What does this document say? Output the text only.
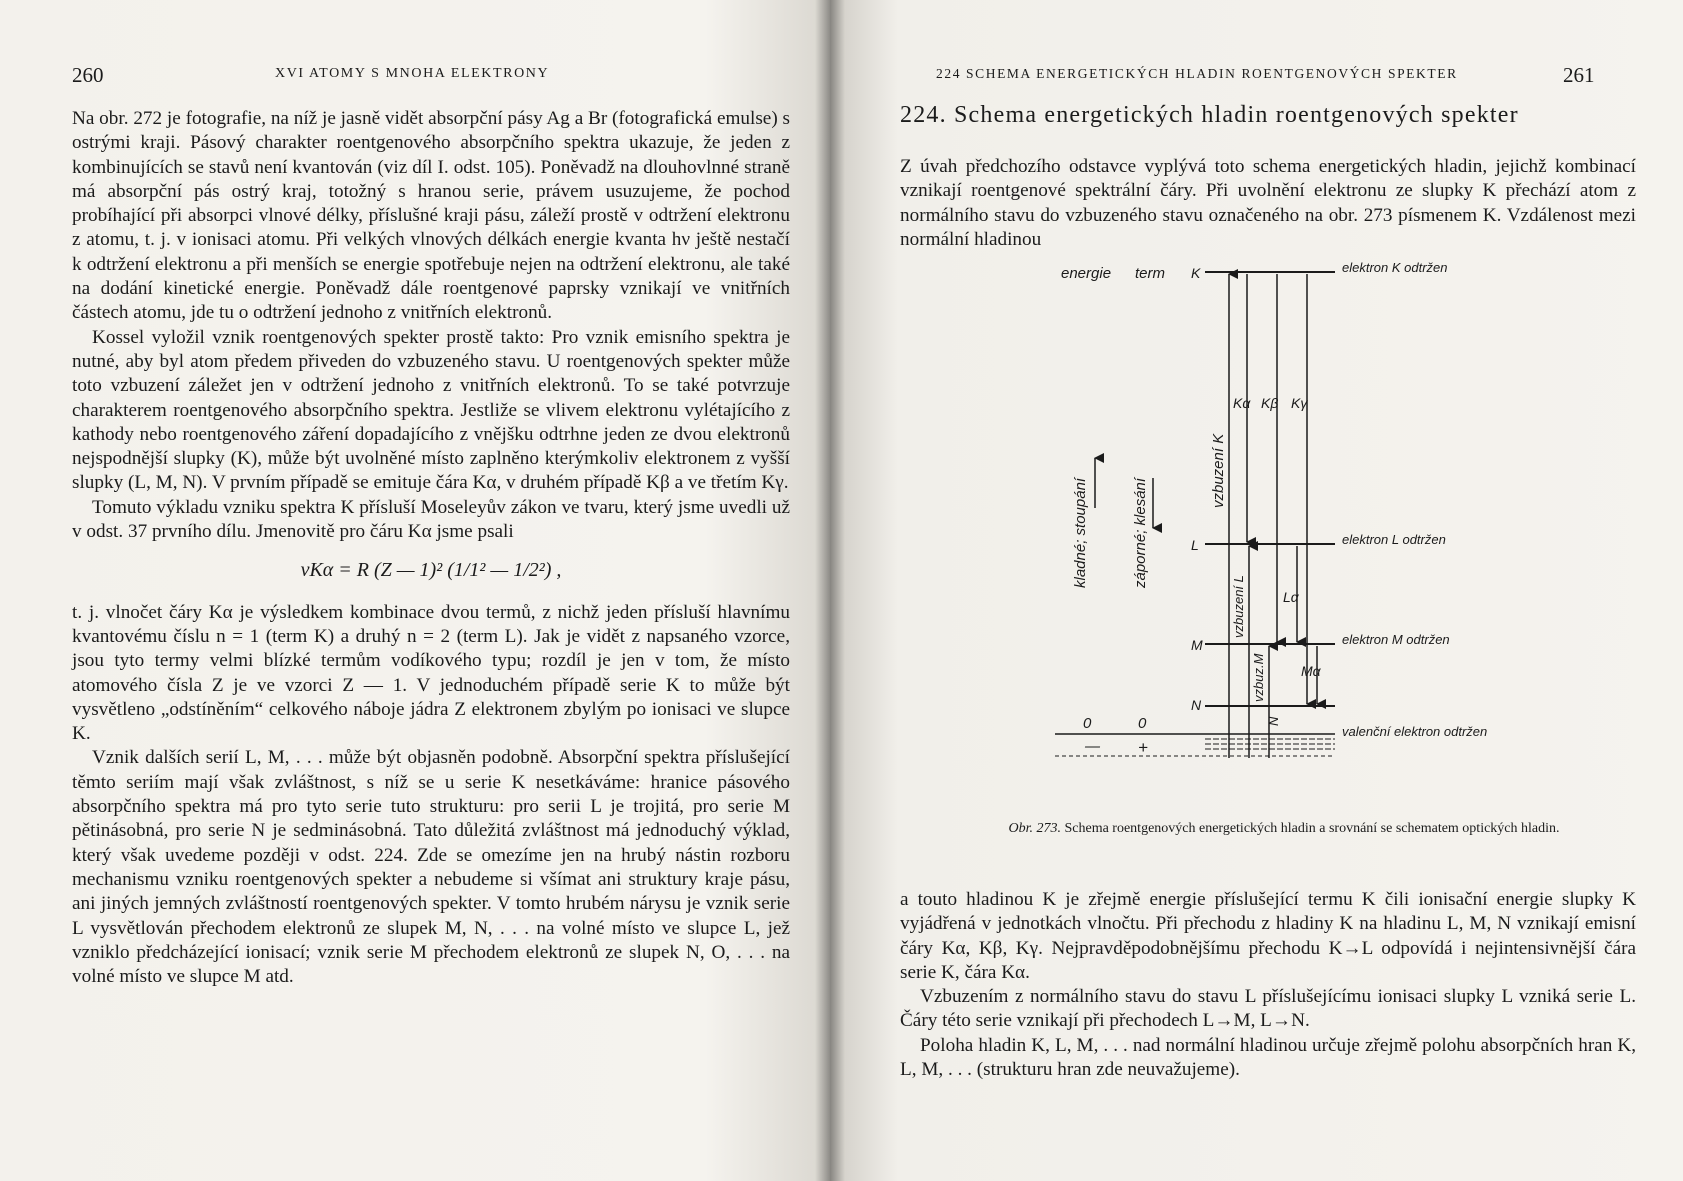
260	XVI ATOMY S MNOHA ELEKTRONY

Na obr. 272 je fotografie, na níž je jasně vidět absorpční pásy Ag a Br (fotografická emulse) s ostrými kraji. Pásový charakter roentgenového absorpčního spektra ukazuje, že jeden z kombinujících se stavů není kvantován (viz díl I. odst. 105). Poněvadž na dlouhovlnné straně má absorpční pás ostrý kraj, totožný s hranou serie, právem usuzujeme, že pochod probíhající při absorpci vlnové délky, příslušné kraji pásu, záleží prostě v odtržení elektronu z atomu, t. j. v ionisaci atomu. Při velkých vlnových délkách energie kvanta hν ještě nestačí k odtržení elektronu a při menších se energie spotřebuje nejen na odtržení elektronu, ale také na dodání kinetické energie. Poněvadž dále roentgenové paprsky vznikají ve vnitřních částech atomu, jde tu o odtržení jednoho z vnitřních elektronů.

Kossel vyložil vznik roentgenových spekter prostě takto: Pro vznik emisního spektra je nutné, aby byl atom předem přiveden do vzbuzeného stavu. U roentgenových spekter může toto vzbuzení záležet jen v odtržení jednoho z vnitřních elektronů. To se také potvrzuje charakterem roentgenového absorpčního spektra. Jestliže se vlivem elektronu vylétajícího z kathody nebo roentgenového záření dopadajícího z vnějšku odtrhne jeden ze dvou elektronů nejspodnější slupky (K), může být uvolněné místo zaplněno kterýmkoliv elektronem z vyšší slupky (L, M, N). V prvním případě se emituje čára Kα, v druhém případě Kβ a ve třetím Kγ.

Tomuto výkladu vzniku spektra K přísluší Moseleyův zákon ve tvaru, který jsme uvedli už v odst. 37 prvního dílu. Jmenovitě pro čáru Kα jsme psali

νKα = R (Z — 1)² (1/1² — 1/2²) ,

t. j. vlnočet čáry Kα je výsledkem kombinace dvou termů, z nichž jeden přísluší hlavnímu kvantovému číslu n = 1 (term K) a druhý n = 2 (term L). Jak je vidět z napsaného vzorce, jsou tyto termy velmi blízké termům vodíkového typu; rozdíl je jen v tom, že místo atomového čísla Z je ve vzorci Z — 1. V jednoduchém případě serie K to může být vysvětleno „odstíněním“ celkového náboje jádra Z elektronem zbylým po ionisaci ve slupce K.

Vznik dalších serií L, M, . . . může být objasněn podobně. Absorpční spektra příslušející těmto seriím mají však zvláštnost, s níž se u serie K nesetkáváme: hranice pásového absorpčního spektra má pro tyto serie tuto strukturu: pro serii L je trojitá, pro serie M pětinásobná, pro serie N je sedminásobná. Tato důležitá zvláštnost má jednoduchý výklad, který však uvedeme později v odst. 224. Zde se omezíme jen na hrubý nástin rozboru mechanismu vzniku roentgenových spekter a nebudeme si všímat ani struktury kraje pásu, ani jiných jemných zvláštností roentgenových spekter. V tomto hrubém nárysu je vznik serie L vysvětlován přechodem elektronů ze slupek M, N, . . . na volné místo ve slupce L, jež vzniklo předcházející ionisací; vznik serie M přechodem elektronů ze slupek N, O, . . . na volné místo ve slupce M atd.

224 SCHEMA ENERGETICKÝCH HLADIN ROENTGENOVÝCH SPEKTER	261
224. Schema energetických hladin roentgenových spekter
Z úvah předchozího odstavce vyplývá toto schema energetických hladin, jejichž kombinací vznikají roentgenové spektrální čáry. Při uvolnění elektronu ze slupky K přechází atom z normálního stavu do vzbuzeného stavu označeného na obr. 273 písmenem K. Vzdálenost mezi normální hladinou
energie term K
L
M
N
elektron K odtržen
elektron L odtržen
elektron M odtržen
valenční elektron odtržen
Kα Kβ Kγ
Lα
Mα
kladné; stoupání	záporné; klesání
vzbuzení K
vzbuzení L
vzbuz.M
N
0	0
— +
Obr. 273. Schema roentgenových energetických hladin a srovnání se schematem optických hladin.

a touto hladinou K je zřejmě energie příslušející termu K čili ionisační energie slupky K vyjádřená v jednotkách vlnočtu. Při přechodu z hladiny K na hladinu L, M, N vznikají emisní čáry Kα, Kβ, Kγ. Nejpravděpodobnějšímu přechodu K→L odpovídá i nejintensivnější čára serie K, čára Kα.

Vzbuzením z normálního stavu do stavu L příslušejícímu ionisaci slupky L vzniká serie L. Čáry této serie vznikají při přechodech L→M, L→N.

Poloha hladin K, L, M, . . . nad normální hladinou určuje zřejmě polohu absorpčních hran K, L, M, . . . (strukturu hran zde neuvažujeme).
